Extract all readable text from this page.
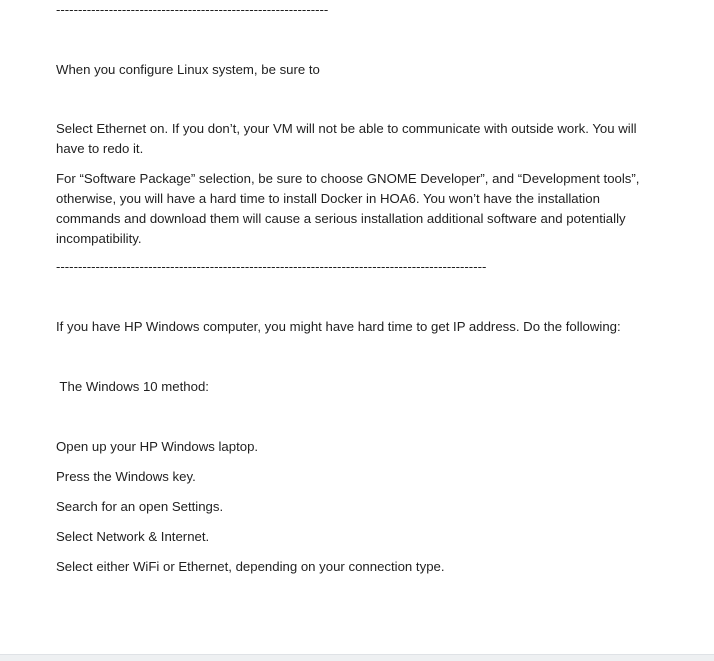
--------------------------------------------------------------
When you configure Linux system, be sure to
Select Ethernet on. If you don’t, your VM will not be able to communicate with outside work. You will have to redo it.
For “Software Package” selection, be sure to choose GNOME Developer”, and “Development tools”, otherwise, you will have a hard time to install Docker in HOA6. You won’t have the installation commands and download them will cause a serious installation additional software and potentially incompatibility.
--------------------------------------------------------------------------------------------------
If you have HP Windows computer, you might have hard time to get IP address. Do the following:
The Windows 10 method:
Open up your HP Windows laptop.
Press the Windows key.
Search for an open Settings.
Select Network & Internet.
Select either WiFi or Ethernet, depending on your connection type.
